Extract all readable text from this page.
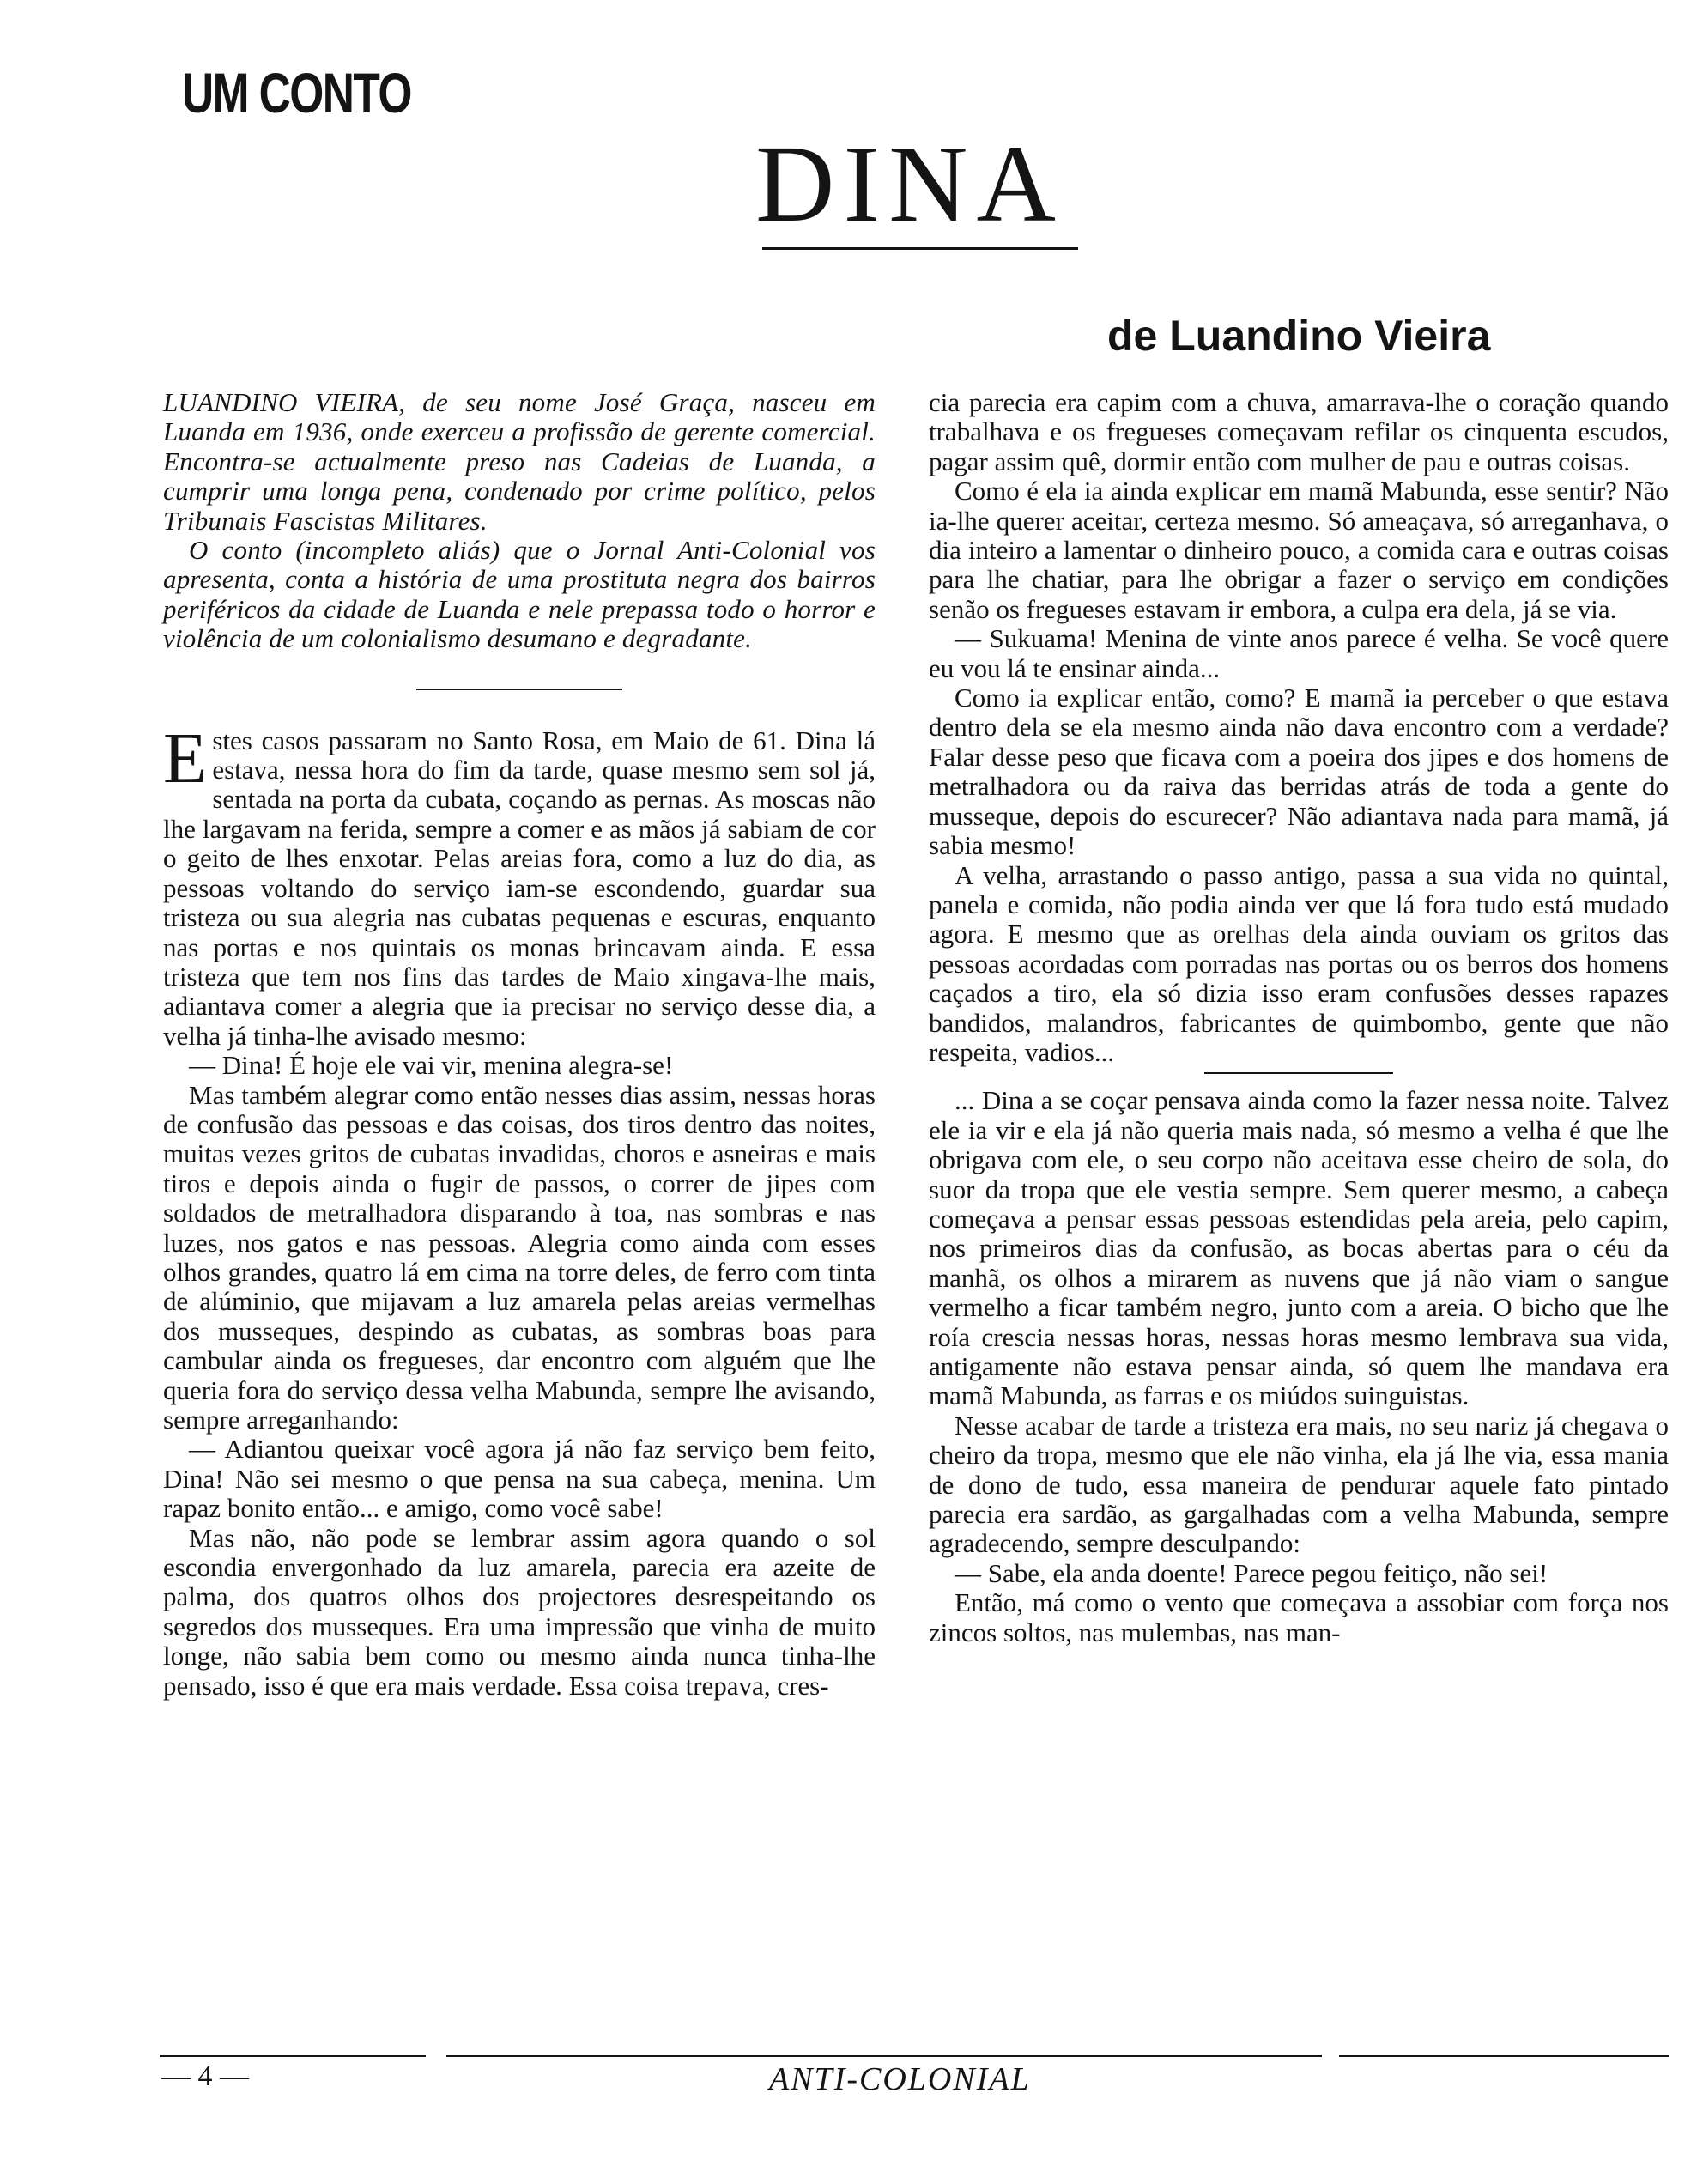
UM CONTO
DINA
de Luandino Vieira

LUANDINO VIEIRA, de seu nome José Graça, nasceu em Luanda em 1936, onde exerceu a profissão de gerente comercial. Encontra-se actualmente preso nas Cadeias de Luanda, a cumprir uma longa pena, condenado por crime político, pelos Tribunais Fascistas Militares.

O conto (incompleto aliás) que o Jornal Anti-Colonial vos apresenta, conta a história de uma prostituta negra dos bairros periféricos da cidade de Luanda e nele prepassa todo o horror e violência de um colonialismo desumano e degradante.

Estes casos passaram no Santo Rosa, em Maio de 61. Dina lá estava, nessa hora do fim da tarde, quase mesmo sem sol já, sentada na porta da cubata, coçando as pernas. As moscas não lhe largavam na ferida, sempre a comer e as mãos já sabiam de cor o geito de lhes enxotar. Pelas areias fora, como a luz do dia, as pessoas voltando do serviço iam-se escondendo, guardar sua tristeza ou sua alegria nas cubatas pequenas e escuras, enquanto nas portas e nos quintais os monas brincavam ainda. E essa tristeza que tem nos fins das tardes de Maio xingava-lhe mais, adiantava comer a alegria que ia precisar no serviço desse dia, a velha já tinha-lhe avisado mesmo:

— Dina! É hoje ele vai vir, menina alegra-se!

Mas também alegrar como então nesses dias assim, nessas horas de confusão das pessoas e das coisas, dos tiros dentro das noites, muitas vezes gritos de cubatas invadidas, choros e asneiras e mais tiros e depois ainda o fugir de passos, o correr de jipes com soldados de metralhadora disparando à toa, nas sombras e nas luzes, nos gatos e nas pessoas. Alegria como ainda com esses olhos grandes, quatro lá em cima na torre deles, de ferro com tinta de alúminio, que mijavam a luz amarela pelas areias vermelhas dos musseques, despindo as cubatas, as sombras boas para cambular ainda os fregueses, dar encontro com alguém que lhe queria fora do serviço dessa velha Mabunda, sempre lhe avisando, sempre arreganhando:

— Adiantou queixar você agora já não faz serviço bem feito, Dina! Não sei mesmo o que pensa na sua cabeça, menina. Um rapaz bonito então... e amigo, como você sabe!

Mas não, não pode se lembrar assim agora quando o sol escondia envergonhado da luz amarela, parecia era azeite de palma, dos quatros olhos dos projectores desrespeitando os segredos dos musseques. Era uma impressão que vinha de muito longe, não sabia bem como ou mesmo ainda nunca tinha-lhe pensado, isso é que era mais verdade. Essa coisa trepava, cres-

cia parecia era capim com a chuva, amarrava-lhe o coração quando trabalhava e os fregueses começavam refilar os cinquenta escudos, pagar assim quê, dormir então com mulher de pau e outras coisas.

Como é ela ia ainda explicar em mamã Mabunda, esse sentir? Não ia-lhe querer aceitar, certeza mesmo. Só ameaçava, só arreganhava, o dia inteiro a lamentar o dinheiro pouco, a comida cara e outras coisas para lhe chatiar, para lhe obrigar a fazer o serviço em condições senão os fregueses estavam ir embora, a culpa era dela, já se via.

— Sukuama! Menina de vinte anos parece é velha. Se você quere eu vou lá te ensinar ainda...

Como ia explicar então, como? E mamã ia perceber o que estava dentro dela se ela mesmo ainda não dava encontro com a verdade? Falar desse peso que ficava com a poeira dos jipes e dos homens de metralhadora ou da raiva das berridas atrás de toda a gente do musseque, depois do escurecer? Não adiantava nada para mamã, já sabia mesmo!

A velha, arrastando o passo antigo, passa a sua vida no quintal, panela e comida, não podia ainda ver que lá fora tudo está mudado agora. E mesmo que as orelhas dela ainda ouviam os gritos das pessoas acordadas com porradas nas portas ou os berros dos homens caçados a tiro, ela só dizia isso eram confusões desses rapazes bandidos, malandros, fabricantes de quimbombo, gente que não respeita, vadios...

... Dina a se coçar pensava ainda como la fazer nessa noite. Talvez ele ia vir e ela já não queria mais nada, só mesmo a velha é que lhe obrigava com ele, o seu corpo não aceitava esse cheiro de sola, do suor da tropa que ele vestia sempre. Sem querer mesmo, a cabeça começava a pensar essas pessoas estendidas pela areia, pelo capim, nos primeiros dias da confusão, as bocas abertas para o céu da manhã, os olhos a mirarem as nuvens que já não viam o sangue vermelho a ficar também negro, junto com a areia. O bicho que lhe roía crescia nessas horas, nessas horas mesmo lembrava sua vida, antigamente não estava pensar ainda, só quem lhe mandava era mamã Mabunda, as farras e os miúdos suinguistas.

Nesse acabar de tarde a tristeza era mais, no seu nariz já chegava o cheiro da tropa, mesmo que ele não vinha, ela já lhe via, essa mania de dono de tudo, essa maneira de pendurar aquele fato pintado parecia era sardão, as gargalhadas com a velha Mabunda, sempre agradecendo, sempre desculpando:

— Sabe, ela anda doente! Parece pegou feitiço, não sei!

Então, má como o vento que começava a assobiar com força nos zincos soltos, nas mulembas, nas man-

— 4 —	ANTI-COLONIAL
